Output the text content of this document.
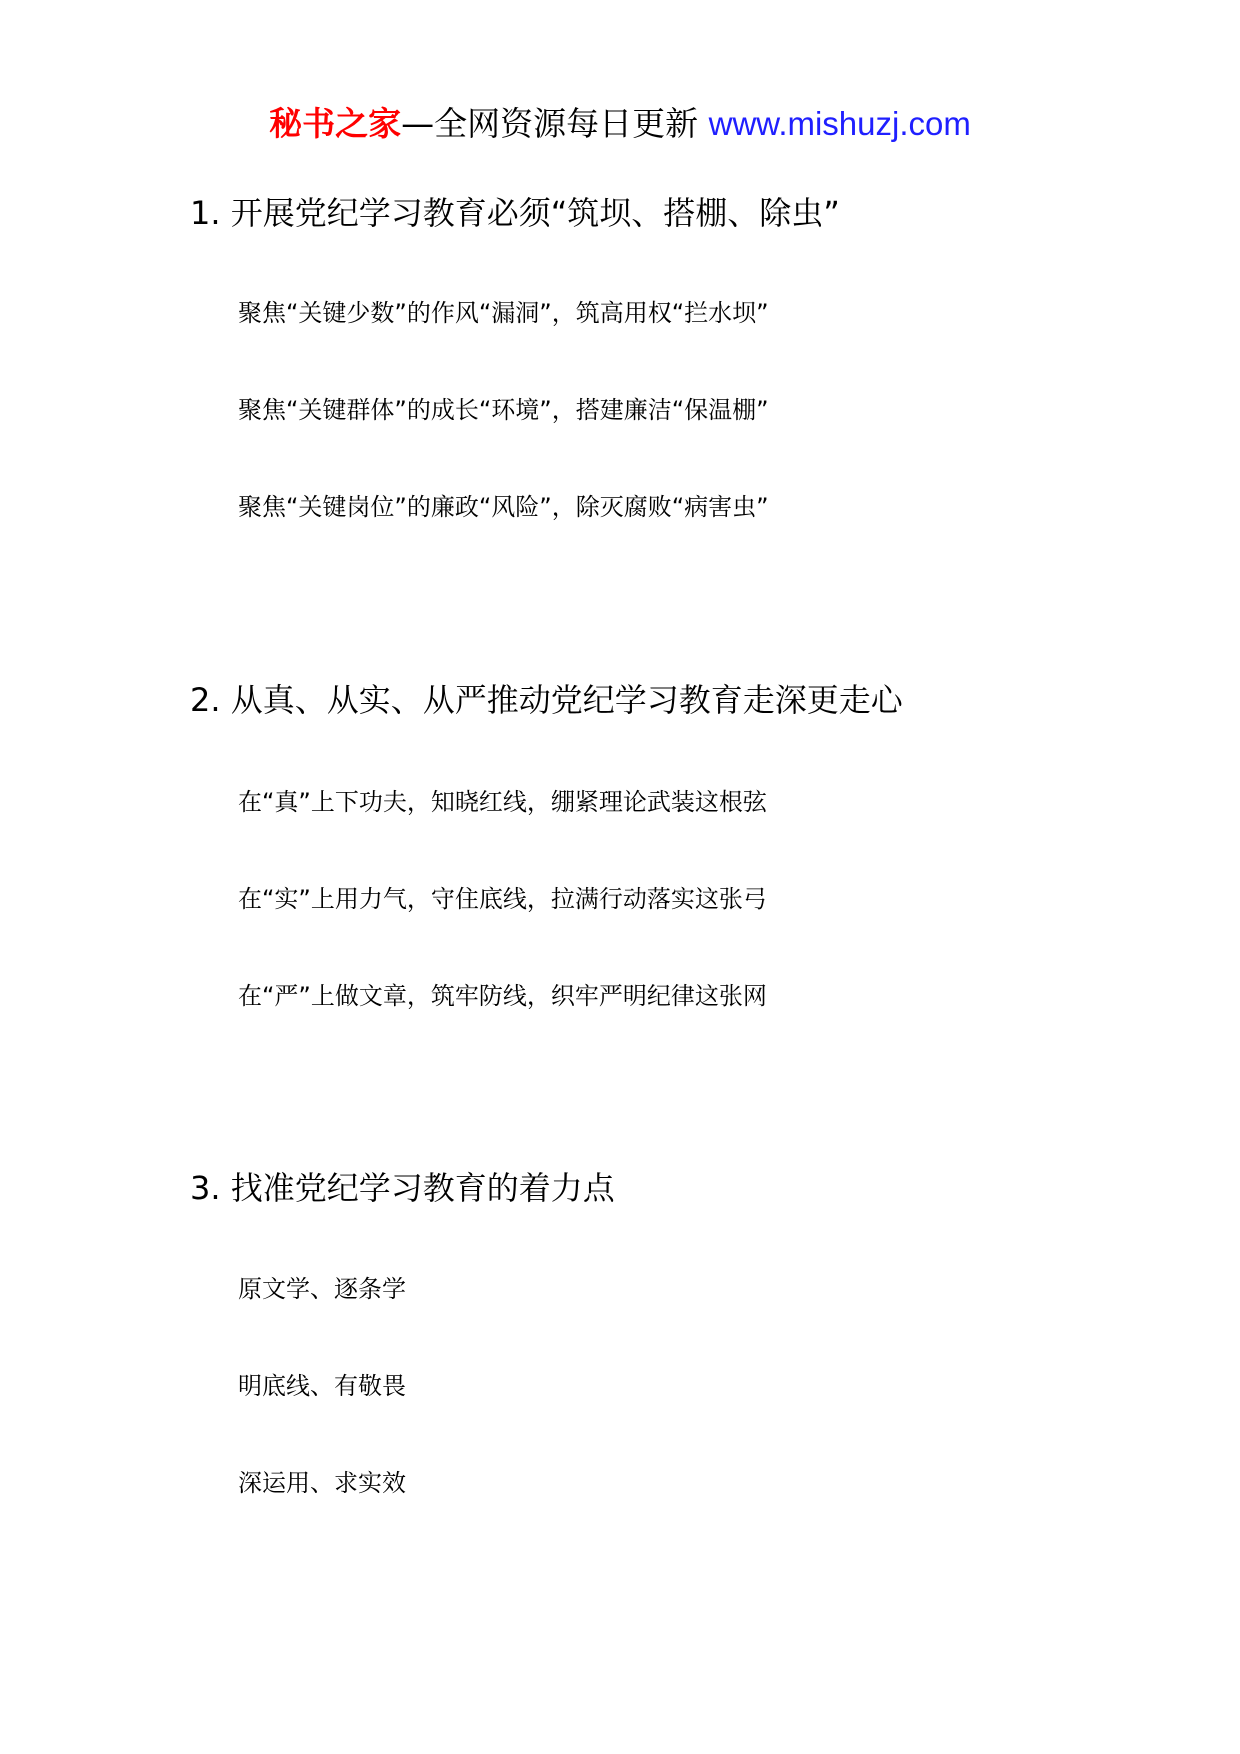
秘书之家—全网资源每日更新 www.mishuzj.com
1. 开展党纪学习教育必须“筑坝、搭棚、除虫”
聚焦“关键少数”的作风“漏洞”，筑高用权“拦水坝”
聚焦“关键群体”的成长“环境”，搭建廉洁“保温棚”
聚焦“关键岗位”的廉政“风险”，除灭腐败“病害虫”
2. 从真、从实、从严推动党纪学习教育走深更走心
在“真”上下功夫，知晓红线，绷紧理论武装这根弦
在“实”上用力气，守住底线，拉满行动落实这张弓
在“严”上做文章，筑牢防线，织牢严明纪律这张网
3. 找准党纪学习教育的着力点
原文学、逐条学
明底线、有敬畏
深运用、求实效
